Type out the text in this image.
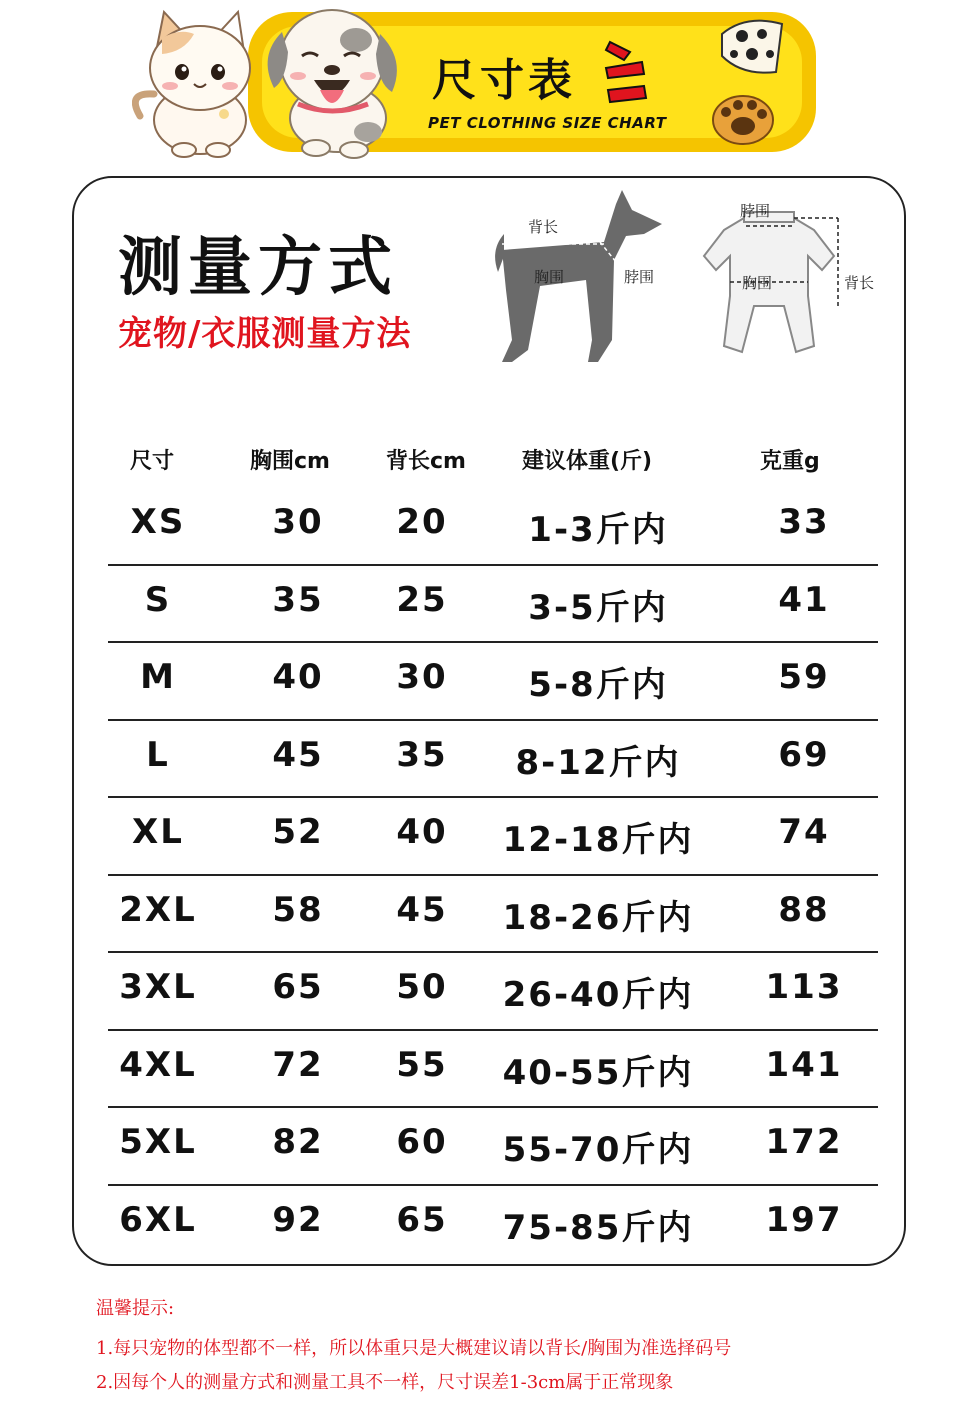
尺寸表
PET CLOTHING SIZE CHART
测量方式
宠物/衣服测量方法
背长
胸围	脖围
脖围
胸围	背长
尺寸	胸围cm	背长cm	建议体重(斤)	克重g
XS	30	20	1-3斤内	33
S	35	25	3-5斤内	41
M	40	30	5-8斤内	59
L	45	35	8-12斤内	69
XL	52	40	12-18斤内	74
2XL	58	45	18-26斤内	88
3XL	65	50	26-40斤内	113
4XL	72	55	40-55斤内	141
5XL	82	60	55-70斤内	172
6XL	92	65	75-85斤内	197
温馨提示:
1.每只宠物的体型都不一样，所以体重只是大概建议请以背长/胸围为准选择码号
2.因每个人的测量方式和测量工具不一样，尺寸误差1-3cm属于正常现象
